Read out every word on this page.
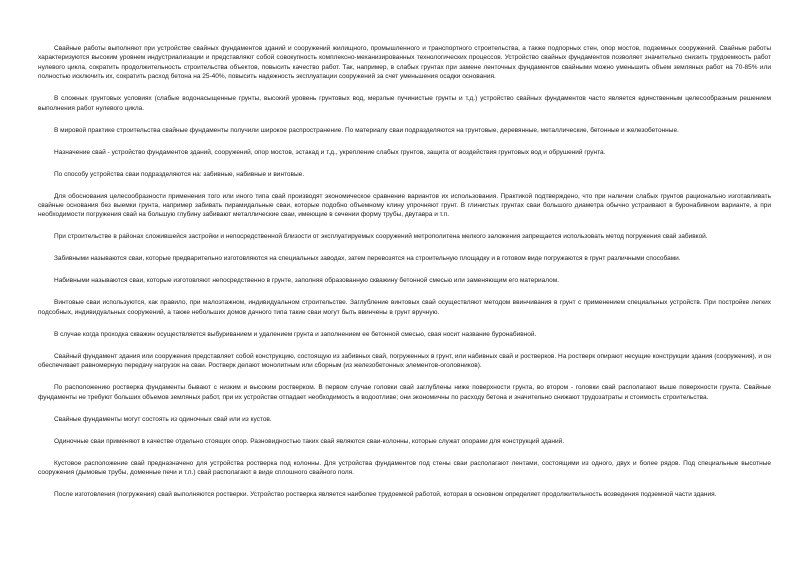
Свайные работы выполняют при устройстве свайных фундаментов зданий и сооружений жилищного, промышленного и транспортного строительства, а также подпорных стен, опор мостов, подземных сооружений. Свайные работы характеризуются высоким уровнем индустриализации и представляют собой совокупность комплексно-механизированных технологических процессов. Устройство свайных фундаментов позволяет значительно снизить трудоемкость работ нулевого цикла, сократить продолжительность строительства объектов, повысить качество работ. Так, например, в слабых грунтах при замене ленточных фундаментов свайными можно уменьшить объем земляных работ на 70-85% или полностью исключить их, сократить расход бетона на 25-40%, повысить надежность эксплуатации сооружений за счет уменьшения осадки основания.

В сложных грунтовых условиях (слабые водонасыщенные грунты, высокий уровень грунтовых вод, мерзлые пучинистые грунты и т.д.) устройство свайных фундаментов часто является единственным целесообразным решением выполнения работ нулевого цикла.

В мировой практике строительства свайные фундаменты получили широкое распространение. По материалу сваи подразделяются на грунтовые, деревянные, металлические, бетонные и железобетонные.

Назначение свай - устройство фундаментов зданий, сооружений, опор мостов, эстакад и т.д., укрепление слабых грунтов, защита от воздействия грунтовых вод и обрушений грунта.

По способу устройства сваи подразделяются на: забивные, набивные и винтовые.

Для обоснования целесообразности применения того или иного типа свай производят экономическое сравнение вариантов их использования. Практикой подтверждено, что при наличии слабых грунтов рационально изготавливать свайные основания без выемки грунта, например забивать пирамидальные сваи, которые подобно объемному клину упрочняют грунт. В глинистых грунтах сваи большого диаметра обычно устраивают в буронабивном варианте, а при необходимости погружения свай на большую глубину забивают металлические сваи, имеющие в сечении форму трубы, двутавра и т.п.

При строительстве в районах сложившейся застройки и непосредственной близости от эксплуатируемых сооружений метрополитена мелкого заложения запрещается использовать метод погружения свай забивкой.

Забивными называются сваи, которые предварительно изготовляются на специальных заводах, затем перевозятся на строительную площадку и в готовом виде погружаются в грунт различными способами.

Набивными называются сваи, которые изготовляют непосредственно в грунте, заполняя образованную скважину бетонной смесью или заменяющим его материалом.

Винтовые сваи используются, как правило, при малоэтажном, индивидуальном строительстве. Заглубление винтовых свай осуществляют методом ввинчивания в грунт с применением специальных устройств. При постройке легких подсобных, индивидуальных сооружений, а также небольших домов дачного типа такие сваи могут быть ввинчены в грунт вручную.

В случае когда проходка скважин осуществляется выбуриванием и удалением грунта и заполнением ее бетонной смесью, свая носит название буронабивной.

Свайный фундамент здания или сооружения представляет собой конструкцию, состоящую из забивных свай, погруженных в грунт, или набивных свай и ростверков. На ростверк опирают несущие конструкции здания (сооружения), и он обеспечивает равномерную передачу нагрузок на сваи. Ростверк делают монолитным или сборным (из железобетонных элементов-оголовников).

По расположению ростверка фундаменты бывают с низким и высоким ростверком. В первом случае головки свай заглублены ниже поверхности грунта, во втором - головки свай располагают выше поверхности грунта. Свайные фундаменты не требуют больших объемов земляных работ, при их устройстве отпадает необходимость в водоотливе; они экономичны по расходу бетона и значительно снижают трудозатраты и стоимость строительства.

Свайные фундаменты могут состоять из одиночных свай или из кустов.

Одиночные сваи применяют в качестве отдельно стоящих опор. Разновидностью таких свай являются сваи-колонны, которые служат опорами для конструкций зданий.

Кустовое расположение свай предназначено для устройства ростверка под колонны. Для устройства фундаментов под стены сваи располагают лентами, состоящими из одного, двух и более рядов. Под специальные высотные сооружения (дымовые трубы, доменные печи и т.п.) свай располагают в виде сплошного свайного поля.

После изготовления (погружения) свай выполняются ростверки. Устройство ростверка является наиболее трудоемкой работой, которая в основном определяет продолжительность возведения подземной части здания.
